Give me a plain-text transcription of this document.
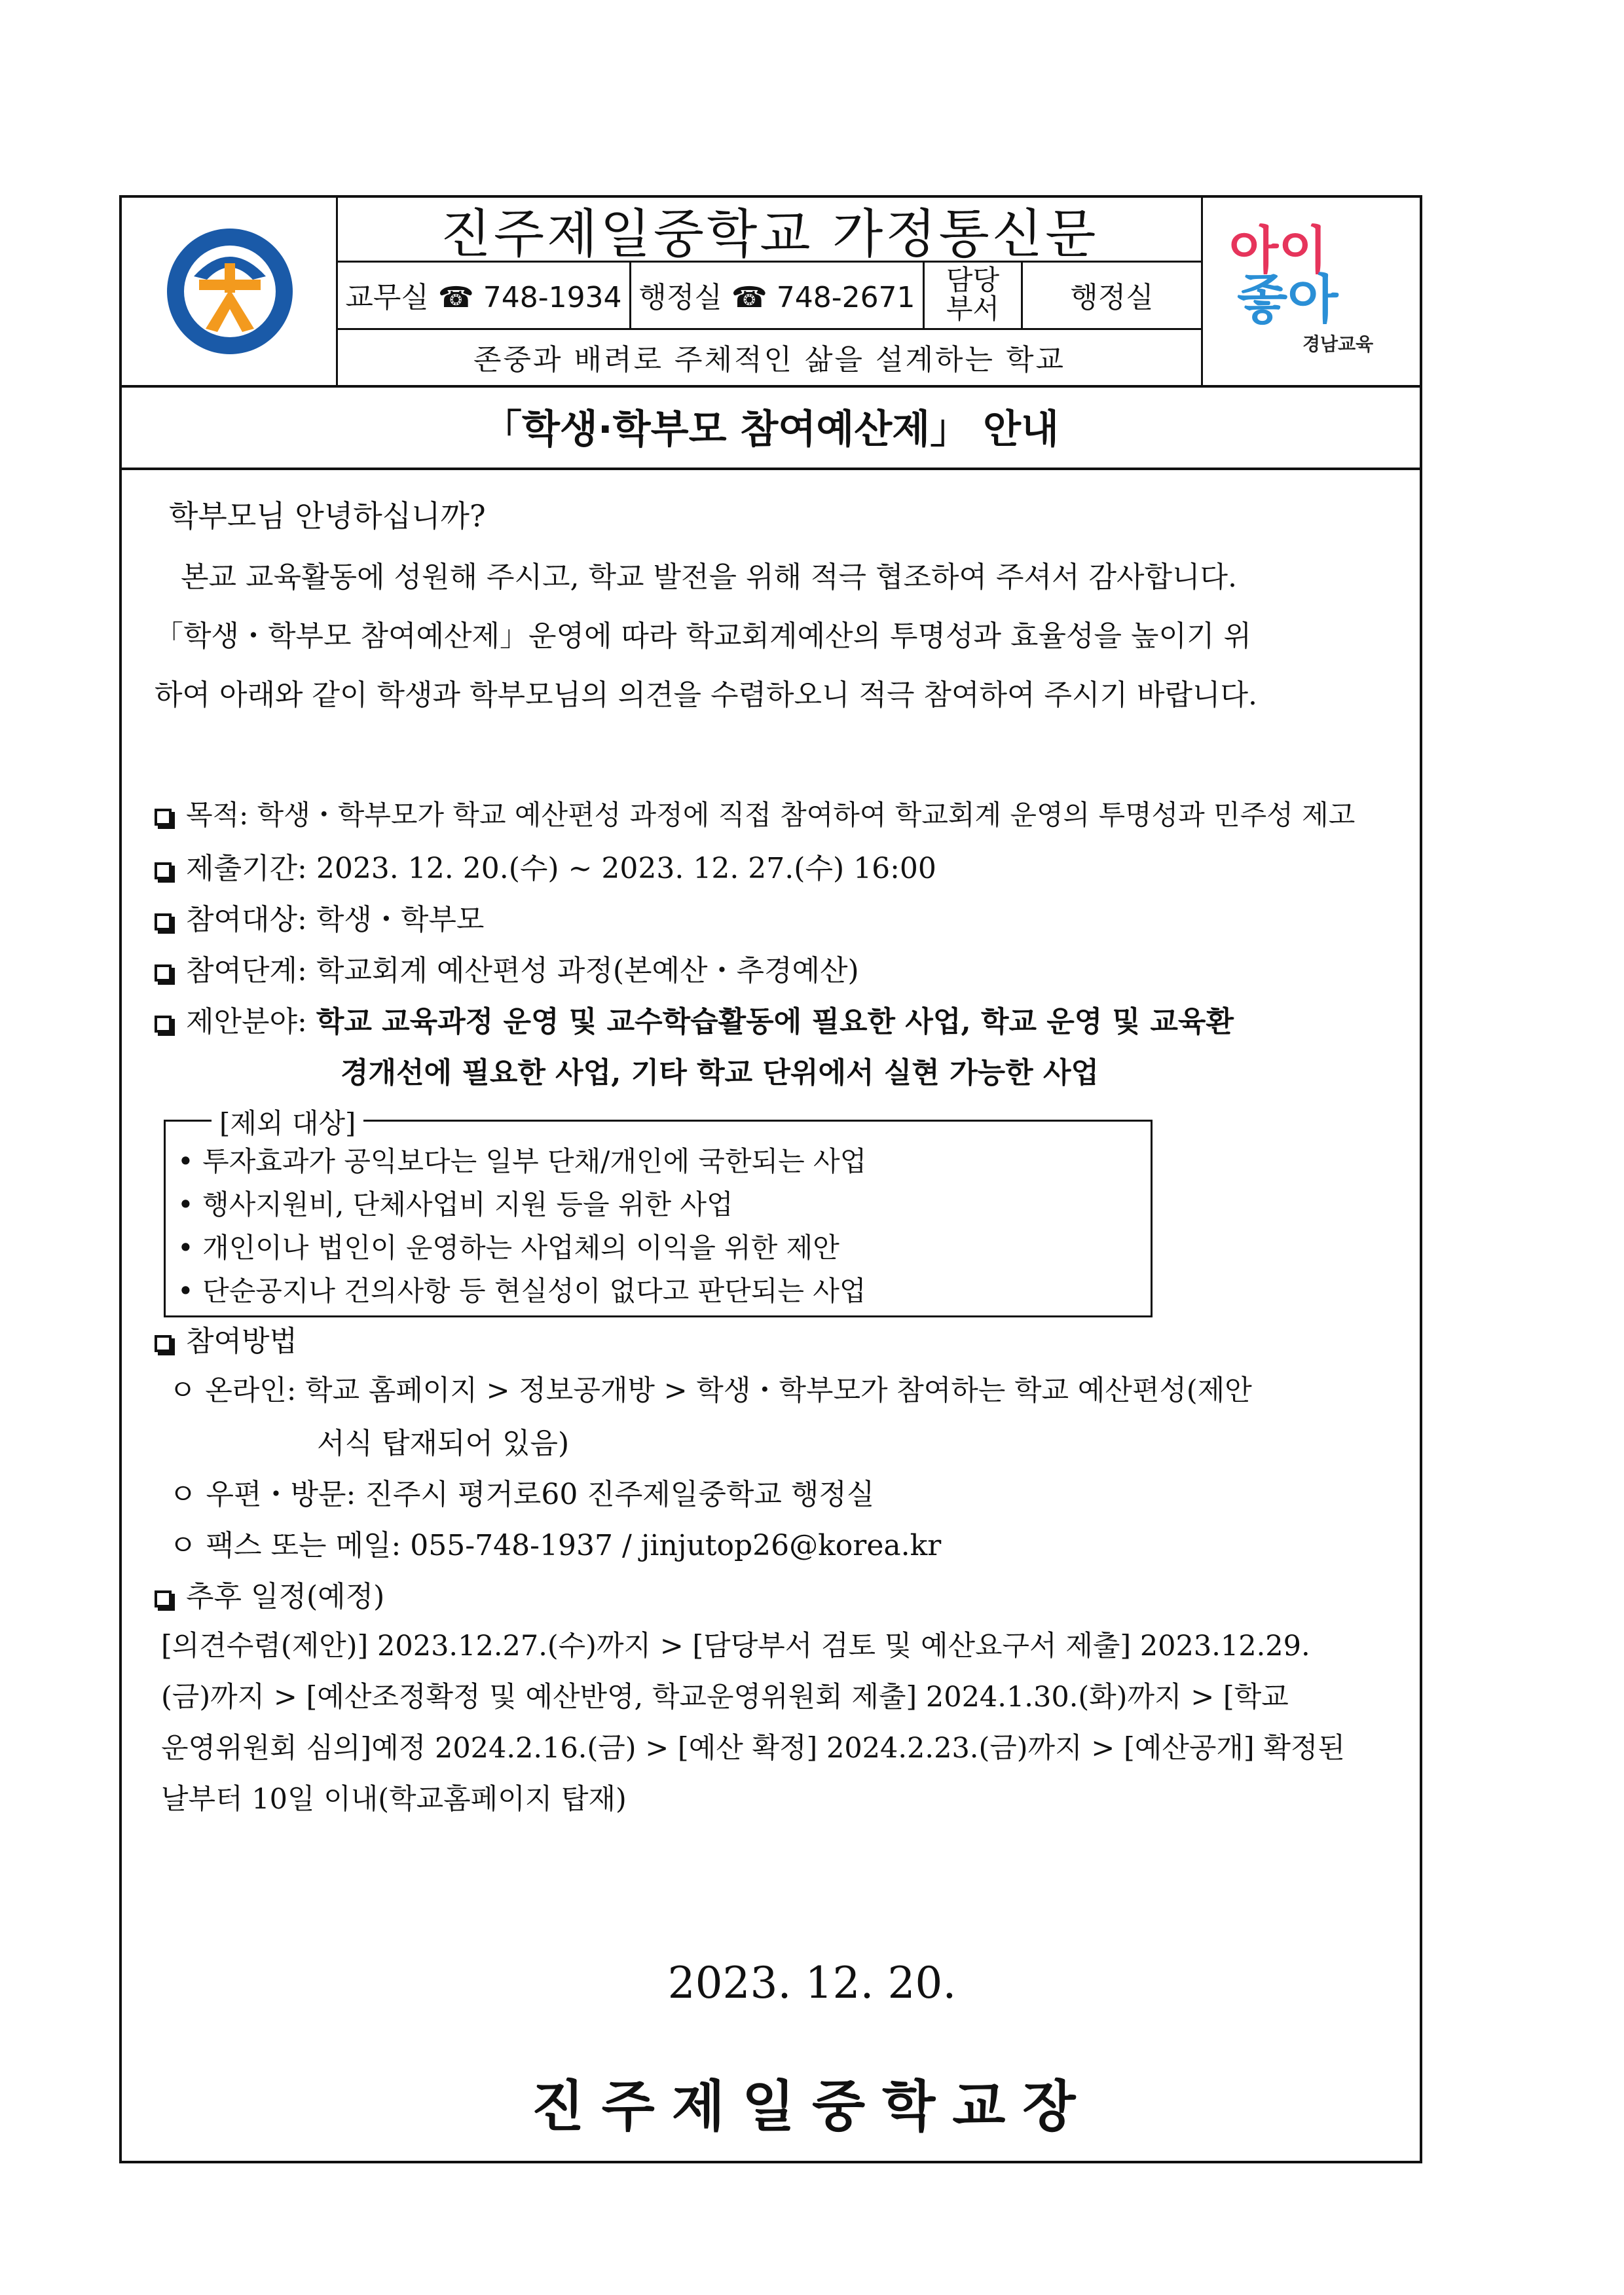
진주제일중학교 가정통신문
교무실 ☎ 748-1934 행정실 ☎ 748-2671
담당
부서	행정실
존중과 배려로 주체적인 삶을 설계하는 학교
아이
좋아
경남교육
「학생·학부모 참여예산제」 안내
학부모님 안녕하십니까?
본교 교육활동에 성원해 주시고, 학교 발전을 위해 적극 협조하여 주셔서 감사합니다.
「학생・학부모 참여예산제」운영에 따라 학교회계예산의 투명성과 효율성을 높이기 위
하여 아래와 같이 학생과 학부모님의 의견을 수렴하오니 적극 참여하여 주시기 바랍니다.
목적: 학생・학부모가 학교 예산편성 과정에 직접 참여하여 학교회계 운영의 투명성과 민주성 제고
제출기간: 2023. 12. 20.(수) ~ 2023. 12. 27.(수) 16:00
참여대상: 학생・학부모
참여단계: 학교회계 예산편성 과정(본예산・추경예산)
제안분야: 학교 교육과정 운영 및 교수학습활동에 필요한 사업, 학교 운영 및 교육환
경개선에 필요한 사업, 기타 학교 단위에서 실현 가능한 사업
[제외 대상]
• 투자효과가 공익보다는 일부 단채/개인에 국한되는 사업
• 행사지원비, 단체사업비 지원 등을 위한 사업
• 개인이나 법인이 운영하는 사업체의 이익을 위한 제안
• 단순공지나 건의사항 등 현실성이 없다고 판단되는 사업
참여방법
ㅇ 온라인: 학교 홈페이지 > 정보공개방 > 학생・학부모가 참여하는 학교 예산편성(제안
서식 탑재되어 있음)
ㅇ 우편・방문: 진주시 평거로60 진주제일중학교 행정실
ㅇ 팩스 또는 메일: 055-748-1937 / jinjutop26@korea.kr
추후 일정(예정)
[의견수렴(제안)] 2023.12.27.(수)까지 > [담당부서 검토 및 예산요구서 제출] 2023.12.29.
(금)까지 > [예산조정확정 및 예산반영, 학교운영위원회 제출] 2024.1.30.(화)까지 > [학교
운영위원회 심의]예정 2024.2.16.(금) > [예산 확정] 2024.2.23.(금)까지 > [예산공개] 확정된
날부터 10일 이내(학교홈페이지 탑재)
2023. 12. 20.
진주제일중학교장
